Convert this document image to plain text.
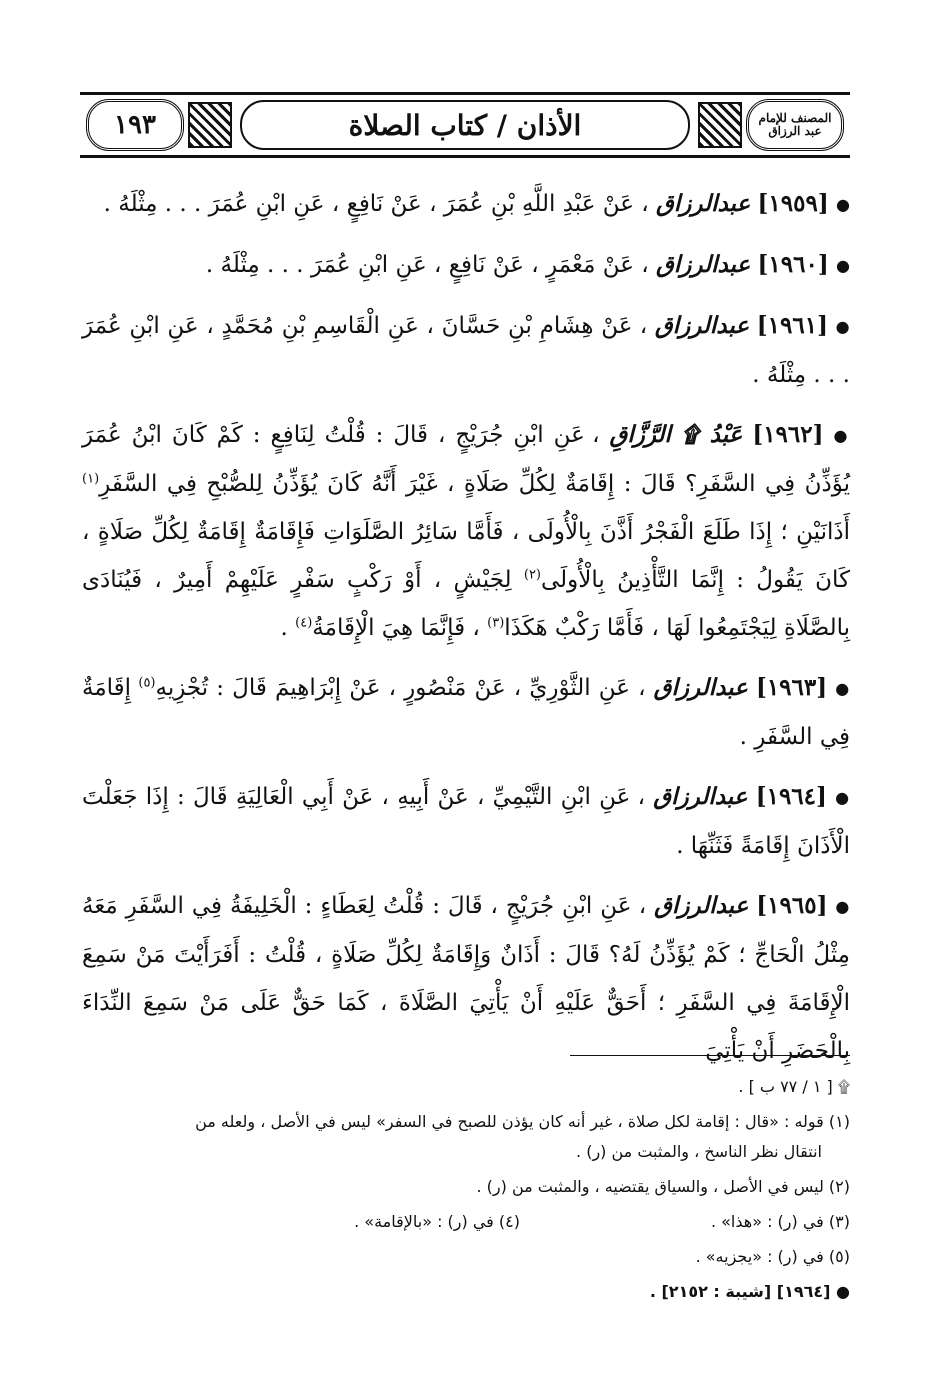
١٩٣	الأذان / كتاب الصلاة	المصنف للإمام عبد الرزاق

● [١٩٥٩] عبدالرزاق ، عَنْ عَبْدِ اللَّهِ بْنِ عُمَرَ ، عَنْ نَافِعٍ ، عَنِ ابْنِ عُمَرَ . . . مِثْلَهُ .

● [١٩٦٠] عبدالرزاق ، عَنْ مَعْمَرٍ ، عَنْ نَافِعٍ ، عَنِ ابْنِ عُمَرَ . . . مِثْلَهُ .

● [١٩٦١] عبدالرزاق ، عَنْ هِشَامِ بْنِ حَسَّانَ ، عَنِ الْقَاسِمِ بْنِ مُحَمَّدٍ ، عَنِ ابْنِ عُمَرَ . . . مِثْلَهُ .

● [١٩٦٢] عَبْدُ ۩ الرَّزَّاقِ ، عَنِ ابْنِ جُرَيْجٍ ، قَالَ : قُلْتُ لِنَافِعٍ : كَمْ كَانَ ابْنُ عُمَرَ يُؤَذِّنُ فِي السَّفَرِ؟ قَالَ : إِقَامَةٌ لِكُلِّ صَلَاةٍ ، غَيْرَ أَنَّهُ كَانَ يُؤَذِّنُ لِلصُّبْحِ فِي السَّفَرِ$^{(١)}$ أَذَانَيْنِ ؛ إِذَا طَلَعَ الْفَجْرُ أَذَّنَ بِالْأُولَى ، فَأَمَّا سَائِرُ الصَّلَوَاتِ فَإِقَامَةٌ إِقَامَةٌ لِكُلِّ صَلَاةٍ ، كَانَ يَقُولُ : إِنَّمَا التَّأْذِينُ بِالْأُولَى$^{(٢)}$ لِجَيْشٍ ، أَوْ رَكْبٍ سَفْرٍ عَلَيْهِمْ أَمِيرٌ ، فَيُنَادَى بِالصَّلَاةِ لِيَجْتَمِعُوا لَهَا ، فَأَمَّا رَكْبٌ هَكَذَا$^{(٣)}$ ، فَإِنَّمَا هِيَ الْإِقَامَةُ$^{(٤)}$ .

● [١٩٦٣] عبدالرزاق ، عَنِ الثَّوْرِيِّ ، عَنْ مَنْصُورٍ ، عَنْ إِبْرَاهِيمَ قَالَ : تُجْزِيهِ$^{(٥)}$ إِقَامَةٌ فِي السَّفَرِ .

● [١٩٦٤] عبدالرزاق ، عَنِ ابْنِ التَّيْمِيِّ ، عَنْ أَبِيهِ ، عَنْ أَبِي الْعَالِيَةِ قَالَ : إِذَا جَعَلْتَ الْأَذَانَ إِقَامَةً فَثَنِّهَا .

● [١٩٦٥] عبدالرزاق ، عَنِ ابْنِ جُرَيْجٍ ، قَالَ : قُلْتُ لِعَطَاءٍ : الْخَلِيفَةُ فِي السَّفَرِ مَعَهُ مِثْلُ الْحَاجِّ ؛ كَمْ يُؤَذِّنُ لَهُ؟ قَالَ : أَذَانٌ وَإِقَامَةٌ لِكُلِّ صَلَاةٍ ، قُلْتُ : أَفَرَأَيْتَ مَنْ سَمِعَ الْإِقَامَةَ فِي السَّفَرِ ؛ أَحَقٌّ عَلَيْهِ أَنْ يَأْتِيَ الصَّلَاةَ ، كَمَا حَقٌّ عَلَى مَنْ سَمِعَ النِّدَاءَ بِالْحَضَرِ أَنْ يَأْتِيَ

۩ [ ١ / ٧٧ ب ] .
(١) قوله : «قال : إقامة لكل صلاة ، غير أنه كان يؤذن للصبح في السفر» ليس في الأصل ، ولعله من
انتقال نظر الناسخ ، والمثبت من (ر) .
(٢) ليس في الأصل ، والسياق يقتضيه ، والمثبت من (ر) .
(٣) في (ر) : «هذا» .
(٤) في (ر) : «بالإقامة» .
(٥) في (ر) : «يجزيه» .
● [١٩٦٤] [شيبة : ٢١٥٢] .
